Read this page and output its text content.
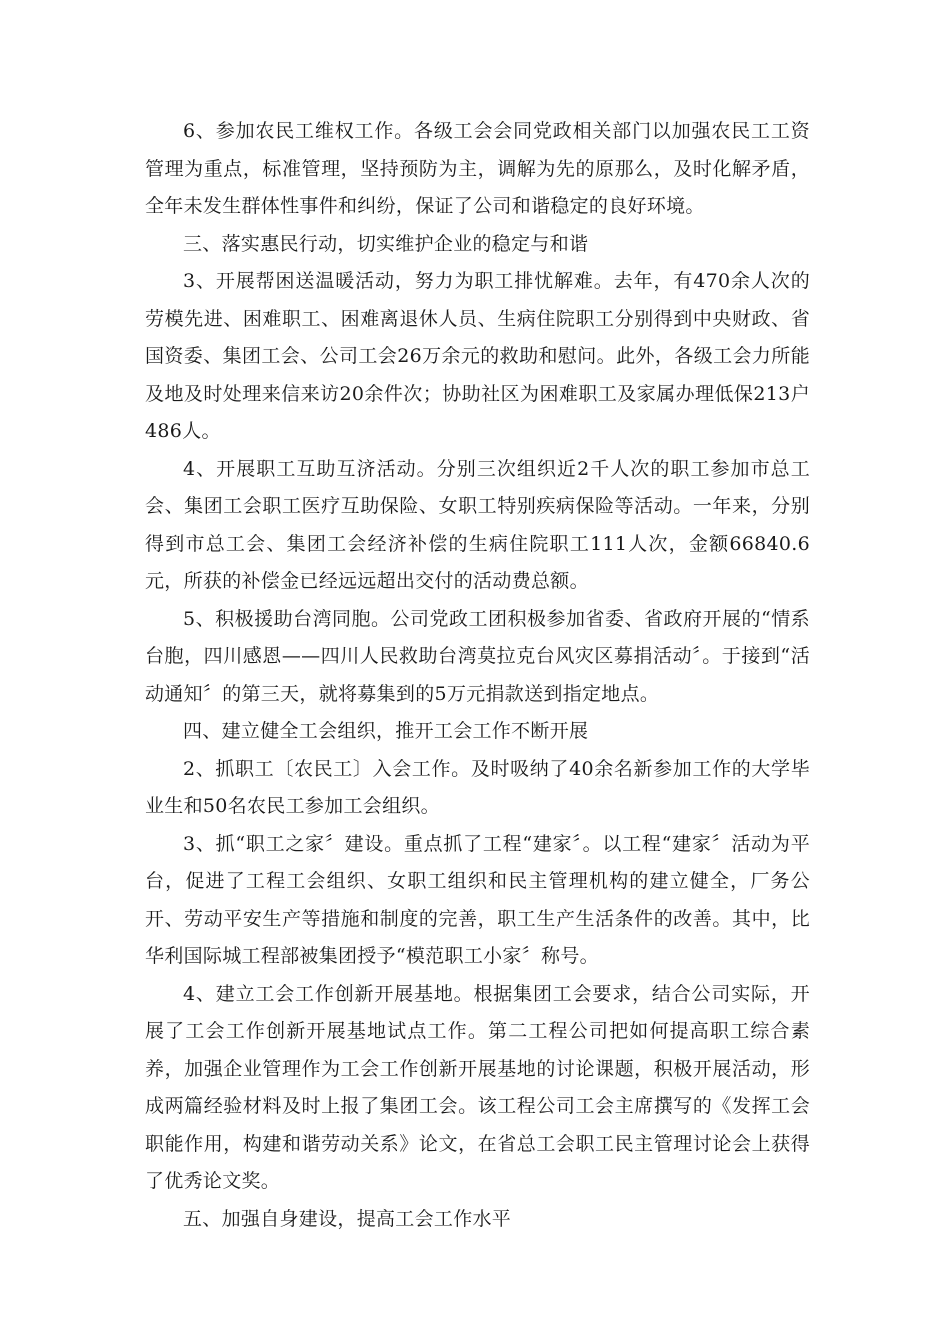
6、参加农民工维权工作。各级工会会同党政相关部门以加强农民工工资管理为重点，标准管理，坚持预防为主，调解为先的原那么，及时化解矛盾，全年未发生群体性事件和纠纷，保证了公司和谐稳定的良好环境。

三、落实惠民行动，切实维护企业的稳定与和谐

3、开展帮困送温暖活动，努力为职工排忧解难。去年，有470余人次的劳模先进、困难职工、困难离退休人员、生病住院职工分别得到中央财政、省国资委、集团工会、公司工会26万余元的救助和慰问。此外，各级工会力所能及地及时处理来信来访20余件次；协助社区为困难职工及家属办理低保213户486人。

4、开展职工互助互济活动。分别三次组织近2千人次的职工参加市总工会、集团工会职工医疗互助保险、女职工特别疾病保险等活动。一年来，分别得到市总工会、集团工会经济补偿的生病住院职工111人次，金额66840.6元，所获的补偿金已经远远超出交付的活动费总额。

5、积极援助台湾同胞。公司党政工团积极参加省委、省政府开展的“情系台胞，四川感恩——四川人民救助台湾莫拉克台风灾区募捐活动〞。于接到“活动通知〞的第三天，就将募集到的5万元捐款送到指定地点。

四、建立健全工会组织，推开工会工作不断开展

2、抓职工〔农民工〕入会工作。及时吸纳了40余名新参加工作的大学毕业生和50名农民工参加工会组织。

3、抓“职工之家〞建设。重点抓了工程“建家〞。以工程“建家〞活动为平台，促进了工程工会组织、女职工组织和民主管理机构的建立健全，厂务公开、劳动平安生产等措施和制度的完善，职工生产生活条件的改善。其中，比华利国际城工程部被集团授予“模范职工小家〞称号。

4、建立工会工作创新开展基地。根据集团工会要求，结合公司实际，开展了工会工作创新开展基地试点工作。第二工程公司把如何提高职工综合素养，加强企业管理作为工会工作创新开展基地的讨论课题，积极开展活动，形成两篇经验材料及时上报了集团工会。该工程公司工会主席撰写的《发挥工会职能作用，构建和谐劳动关系》论文，在省总工会职工民主管理讨论会上获得了优秀论文奖。

五、加强自身建设，提高工会工作水平
